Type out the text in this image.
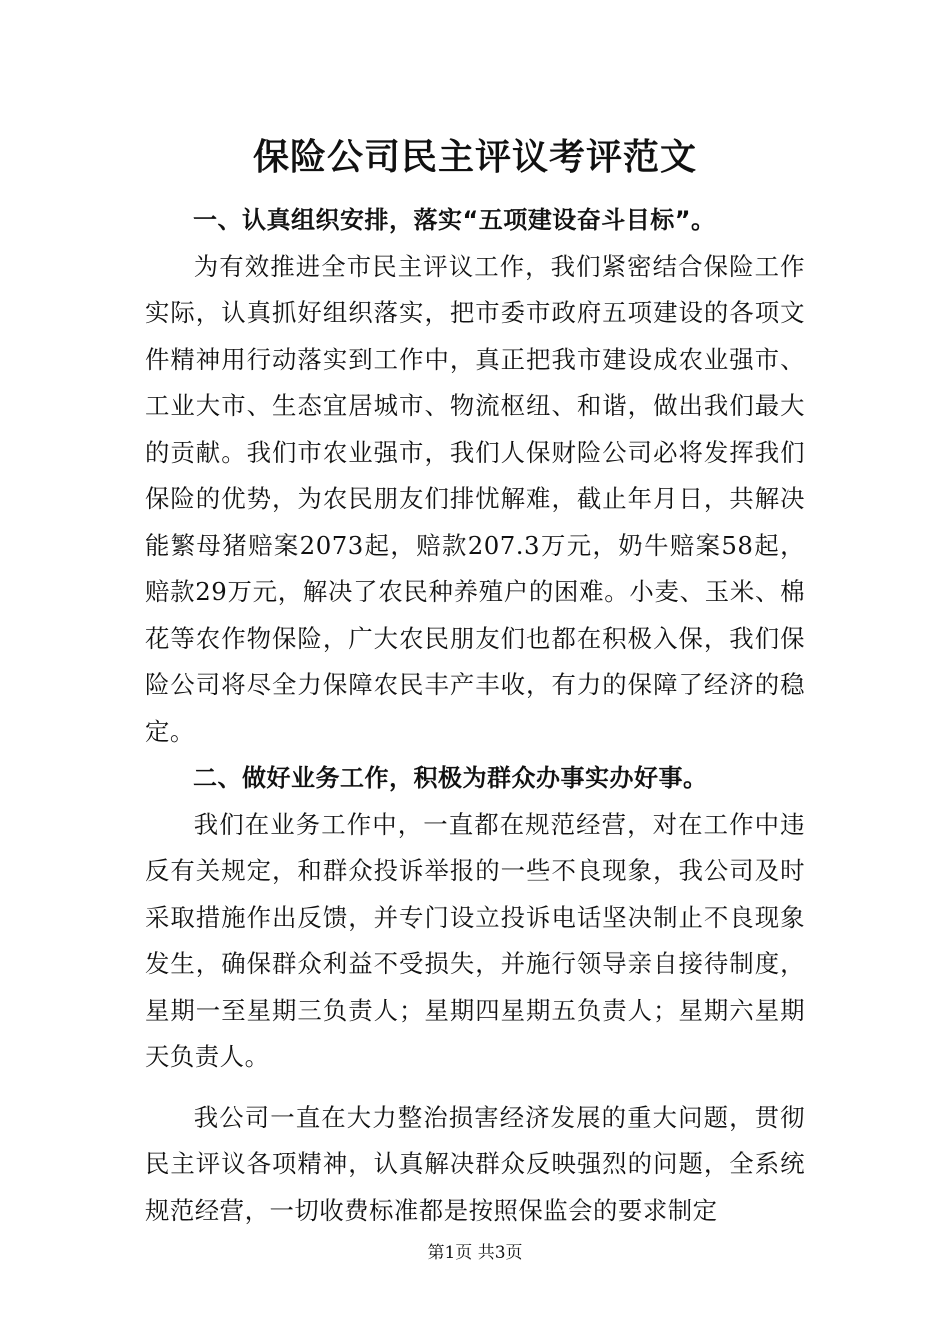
保险公司民主评议考评范文

一、认真组织安排，落实“五项建设奋斗目标”。

为有效推进全市民主评议工作，我们紧密结合保险工作实际，认真抓好组织落实，把市委市政府五项建设的各项文件精神用行动落实到工作中，真正把我市建设成农业强市、工业大市、生态宜居城市、物流枢纽、和谐，做出我们最大的贡献。我们市农业强市，我们人保财险公司必将发挥我们保险的优势，为农民朋友们排忧解难，截止年月日，共解决能繁母猪赔案2073起，赔款207.3万元，奶牛赔案58起，赔款29万元，解决了农民种养殖户的困难。小麦、玉米、棉花等农作物保险，广大农民朋友们也都在积极入保，我们保险公司将尽全力保障农民丰产丰收，有力的保障了经济的稳定。

二、做好业务工作，积极为群众办事实办好事。

我们在业务工作中，一直都在规范经营，对在工作中违反有关规定，和群众投诉举报的一些不良现象，我公司及时采取措施作出反馈，并专门设立投诉电话坚决制止不良现象发生，确保群众利益不受损失，并施行领导亲自接待制度，星期一至星期三负责人；星期四星期五负责人；星期六星期天负责人。

我公司一直在大力整治损害经济发展的重大问题，贯彻民主评议各项精神，认真解决群众反映强烈的问题，全系统规范经营，一切收费标准都是按照保监会的要求制定

第1页 共3页
